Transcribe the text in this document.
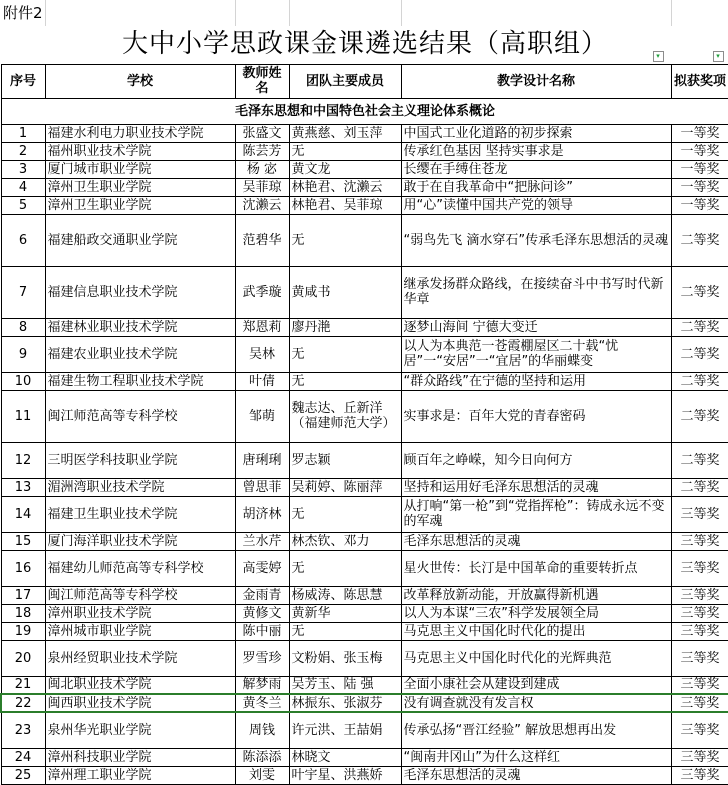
附件2					
大中小学思政课金课遴选结果（高职组） ▾ ▾					

序号	学校	教师姓名	团队主要成员	教学设计名称	拟获奖项
毛泽东思想和中国特色社会主义理论体系概论					
1	福建水利电力职业技术学院	张盛文	黄燕慈、刘玉萍	中国式工业化道路的初步探索	一等奖
2	福州职业技术学院	陈芸芳	无	传承红色基因 坚持实事求是	一等奖
3	厦门城市职业学院	杨 宓	黄文龙	长缨在手缚住苍龙	一等奖
4	漳州卫生职业学院	吴菲琼	林艳君、沈濑云	敢于在自我革命中“把脉问诊”	一等奖
5	漳州卫生职业学院	沈濑云	林艳君、吴菲琼	用“心”读懂中国共产党的领导	一等奖
6	福建船政交通职业学院	范碧华	无	“弱鸟先飞 滴水穿石”传承毛泽东思想活的灵魂	二等奖
7	福建信息职业技术学院	武季璇	黄咸书	继承发扬群众路线，在接续奋斗中书写时代新华章	二等奖
8	福建林业职业技术学院	郑恩莉	廖丹滟	逐梦山海间 宁德大变迁	二等奖
9	福建农业职业技术学院	吴林	无	以人为本典范一苍霞棚屋区二十载“忧居”一“安居”一“宜居”的华丽蝶变	二等奖
10	福建生物工程职业技术学院	叶倩	无	“群众路线”在宁德的坚持和运用	二等奖
11	闽江师范高等专科学校	邹萌	魏志达、丘新洋（福建师范大学）	实事求是：百年大党的青春密码	二等奖
12	三明医学科技职业学院	唐琍琍	罗志颖	顾百年之峥嵘，知今日向何方	二等奖
13	湄洲湾职业技术学院	曾思菲	吴莉婷、陈丽萍	坚持和运用好毛泽东思想活的灵魂	二等奖
14	福建卫生职业技术学院	胡济林	无	从打响“第一枪”到“党指挥枪”：铸成永远不变的军魂	三等奖
15	厦门海洋职业技术学院	兰水芹	林杰钦、邓力	毛泽东思想活的灵魂	三等奖
16	福建幼儿师范高等专科学校	高雯婷	无	星火世传：长汀是中国革命的重要转折点	三等奖
17	闽江师范高等专科学校	金雨青	杨威涛、陈思慧	改革释放新动能，开放赢得新机遇	三等奖
18	漳州职业技术学院	黄修文	黄新华	以人为本谋“三农”科学发展领全局	三等奖
19	漳州城市职业学院	陈中丽	无	马克思主义中国化时代化的提出	三等奖
20	泉州经贸职业技术学院	罗雪珍	文粉娟、张玉梅	马克思主义中国化时代化的光辉典范	三等奖
21	闽北职业技术学院	解梦雨	吴芳玉、陆 强	全面小康社会从建设到建成	三等奖
22	闽西职业技术学院	黄冬兰	林振东、张淑芬	没有调查就没有发言权	三等奖
23	泉州华光职业学院	周钱	许元洪、王喆娟	传承弘扬“晋江经验” 解放思想再出发	三等奖
24	漳州科技职业学院	陈添添	林晓文	“闽南井冈山”为什么这样红	三等奖
25	漳州理工职业学院	刘雯	叶宇星、洪燕娇	毛泽东思想活的灵魂	三等奖
